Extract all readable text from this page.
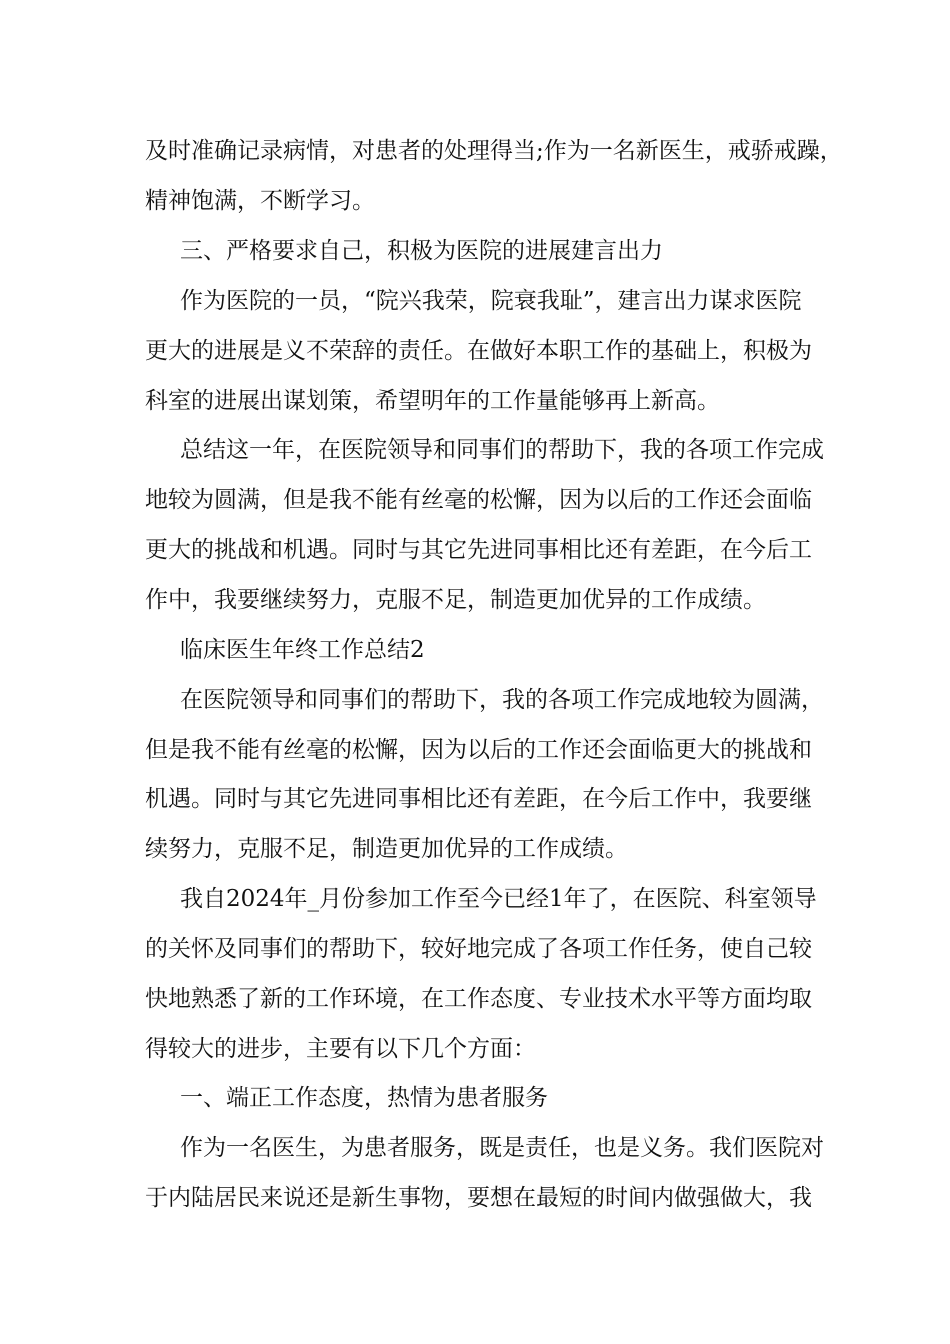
及时准确记录病情，对患者的处理得当;作为一名新医生，戒骄戒躁，
精神饱满，不断学习。
三、严格要求自己，积极为医院的进展建言出力
作为医院的一员，“院兴我荣，院衰我耻”，建言出力谋求医院
更大的进展是义不荣辞的责任。在做好本职工作的基础上，积极为
科室的进展出谋划策，希望明年的工作量能够再上新高。
总结这一年，在医院领导和同事们的帮助下，我的各项工作完成
地较为圆满，但是我不能有丝毫的松懈，因为以后的工作还会面临
更大的挑战和机遇。同时与其它先进同事相比还有差距，在今后工
作中，我要继续努力，克服不足，制造更加优异的工作成绩。
临床医生年终工作总结2
在医院领导和同事们的帮助下，我的各项工作完成地较为圆满，
但是我不能有丝毫的松懈，因为以后的工作还会面临更大的挑战和
机遇。同时与其它先进同事相比还有差距，在今后工作中，我要继
续努力，克服不足，制造更加优异的工作成绩。
我自2024年_月份参加工作至今已经1年了，在医院、科室领导
的关怀及同事们的帮助下，较好地完成了各项工作任务，使自己较
快地熟悉了新的工作环境，在工作态度、专业技术水平等方面均取
得较大的进步，主要有以下几个方面：
一、端正工作态度，热情为患者服务
作为一名医生，为患者服务，既是责任，也是义务。我们医院对
于内陆居民来说还是新生事物，要想在最短的时间内做强做大，我
